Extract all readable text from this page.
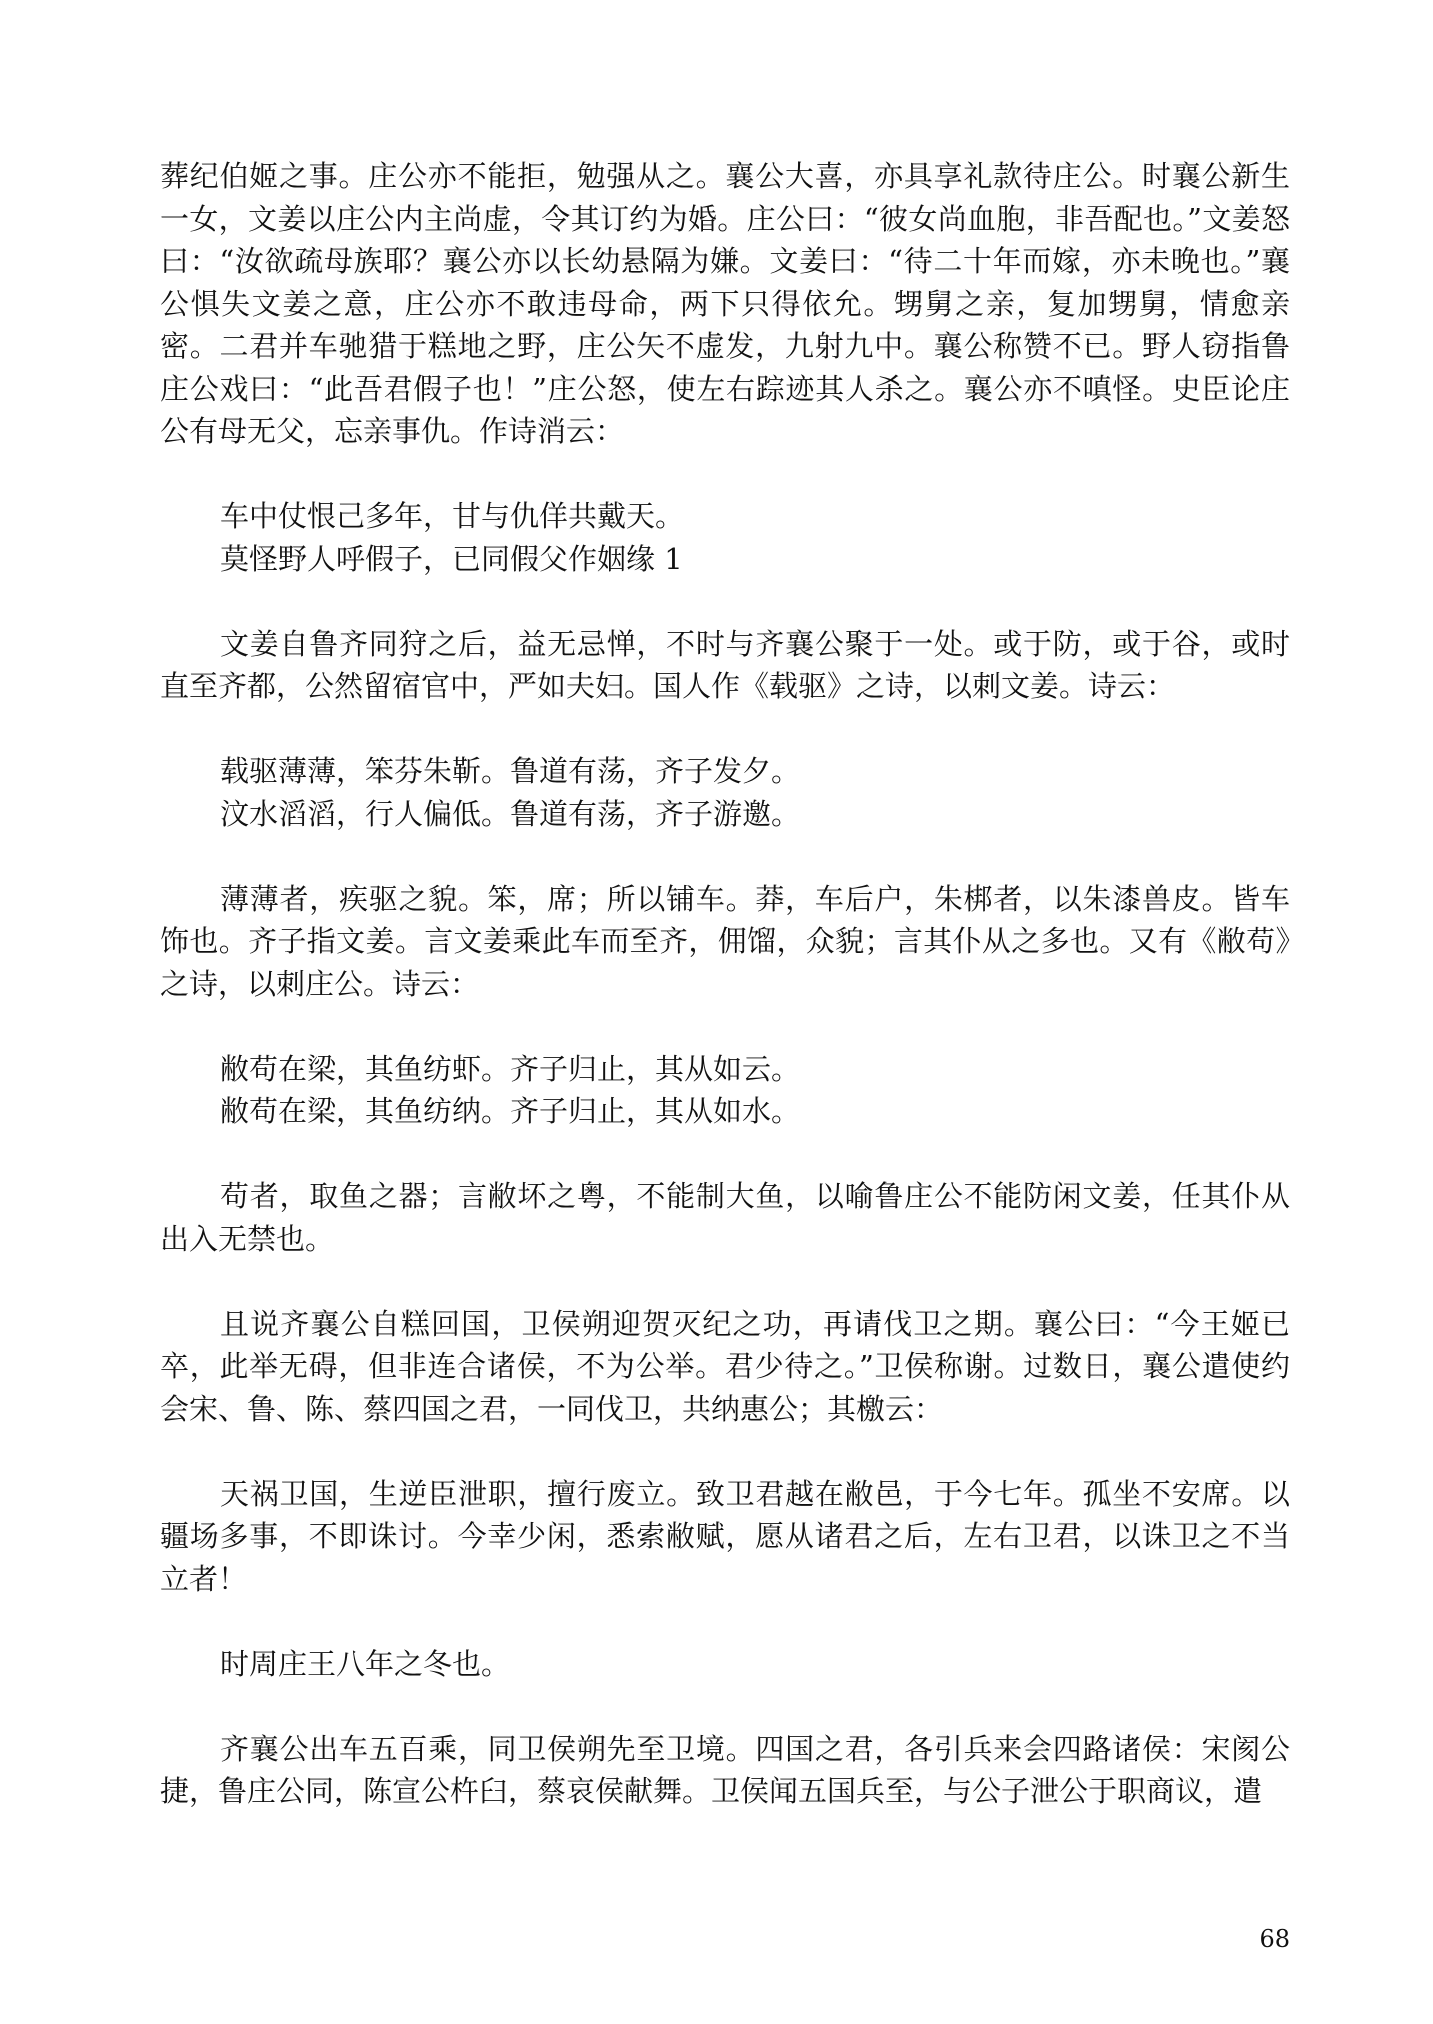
葬纪伯姬之事。庄公亦不能拒，勉强从之。襄公大喜，亦具享礼款待庄公。时襄公新生一女，文姜以庄公内主尚虚，令其订约为婚。庄公曰：“彼女尚血胞，非吾配也。”文姜怒曰：“汝欲疏母族耶？襄公亦以长幼悬隔为嫌。文姜曰：“待二十年而嫁，亦未晚也。”襄公惧失文姜之意，庄公亦不敢违母命，两下只得依允。甥舅之亲，复加甥舅，情愈亲密。二君并车驰猎于糕地之野，庄公矢不虚发，九射九中。襄公称赞不已。野人窃指鲁庄公戏曰：“此吾君假子也！”庄公怒，使左右踪迹其人杀之。襄公亦不嗔怪。史臣论庄公有母无父，忘亲事仇。作诗消云：

车中仗恨己多年，甘与仇佯共戴天。
莫怪野人呼假子，已同假父作姻缘 1

文姜自鲁齐同狩之后，益无忌惮，不时与齐襄公聚于一处。或于防，或于谷，或时直至齐都，公然留宿官中，严如夫妇。国人作《载驱》之诗，以刺文姜。诗云：

载驱薄薄，笨芬朱靳。鲁道有荡，齐子发夕。
汶水滔滔，行人偏低。鲁道有荡，齐子游邀。

薄薄者，疾驱之貌。笨，席；所以铺车。莽，车后户，朱梆者，以朱漆兽皮。皆车饰也。齐子指文姜。言文姜乘此车而至齐，佣馏，众貌；言其仆从之多也。又有《敝苟》之诗，以刺庄公。诗云：

敝苟在梁，其鱼纺虾。齐子归止，其从如云。
敝苟在梁，其鱼纺纳。齐子归止，其从如水。

苟者，取鱼之器；言敝坏之粤，不能制大鱼，以喻鲁庄公不能防闲文姜，任其仆从出入无禁也。

且说齐襄公自糕回国，卫侯朔迎贺灭纪之功，再请伐卫之期。襄公曰：“今王姬已卒，此举无碍，但非连合诸侯，不为公举。君少待之。”卫侯称谢。过数日，襄公遣使约会宋、鲁、陈、蔡四国之君，一同伐卫，共纳惠公；其檄云：

天祸卫国，生逆臣泄职，擅行废立。致卫君越在敝邑，于今七年。孤坐不安席。以疆场多事，不即诛讨。今幸少闲，悉索敝赋，愿从诸君之后，左右卫君，以诛卫之不当立者！

时周庄王八年之冬也。

齐襄公出车五百乘，同卫侯朔先至卫境。四国之君，各引兵来会四路诸侯：宋阂公捷，鲁庄公同，陈宣公杵臼，蔡哀侯献舞。卫侯闻五国兵至，与公子泄公于职商议，遣

68
